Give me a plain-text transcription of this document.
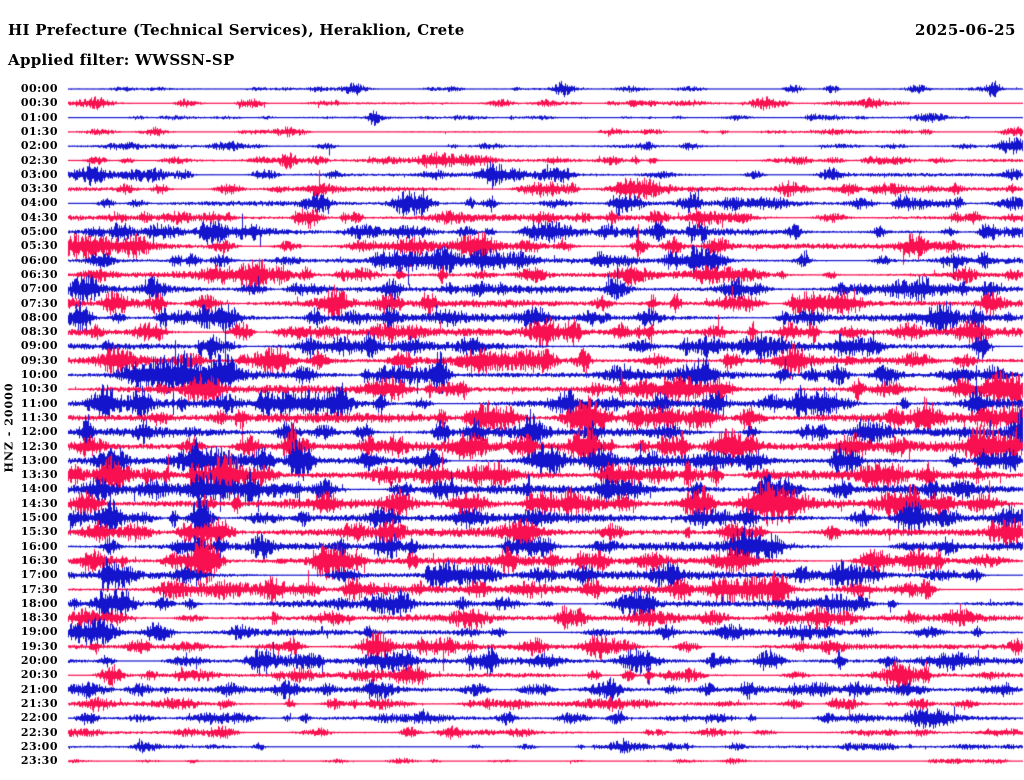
HI Prefecture (Technical Services), Heraklion, Crete	2025-06-25
Applied filter: WWSSN-SP
HNZ - 20000
00:00
00:30
01:00
01:30
02:00
02:30
03:00
03:30
04:00
04:30
05:00
05:30
06:00
06:30
07:00
07:30
08:00
08:30
09:00
09:30
10:00
10:30
11:00
11:30
12:00
12:30
13:00
13:30
14:00
14:30
15:00
15:30
16:00
16:30
17:00
17:30
18:00
18:30
19:00
19:30
20:00
20:30
21:00
21:30
22:00
22:30
23:00
23:30
